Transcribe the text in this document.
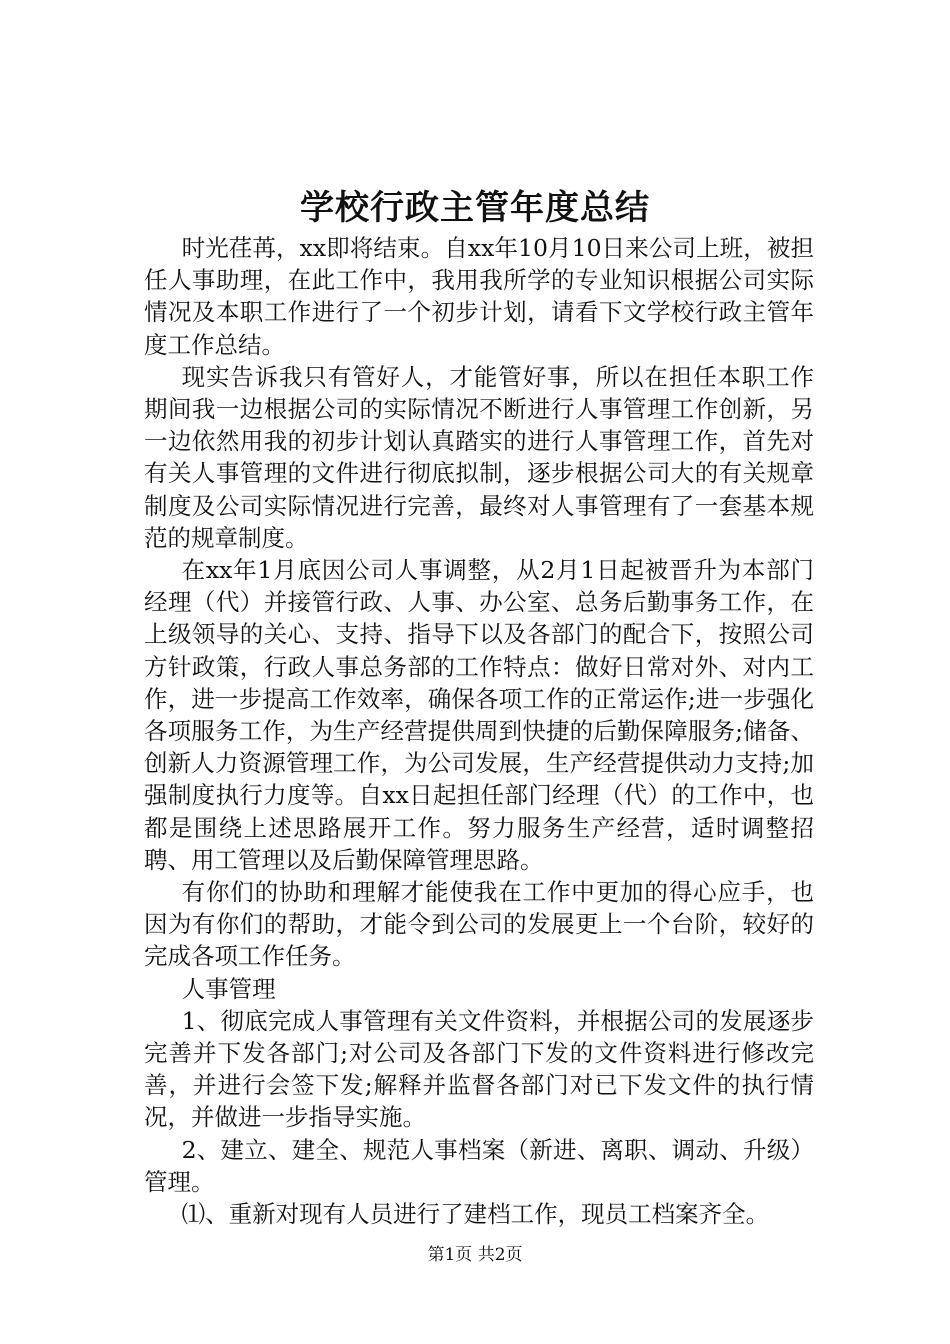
学校行政主管年度总结

时光荏苒，xx即将结束。自xx年10月10日来公司上班，被担任人事助理，在此工作中，我用我所学的专业知识根据公司实际情况及本职工作进行了一个初步计划，请看下文学校行政主管年度工作总结。

现实告诉我只有管好人，才能管好事，所以在担任本职工作期间我一边根据公司的实际情况不断进行人事管理工作创新，另一边依然用我的初步计划认真踏实的进行人事管理工作，首先对有关人事管理的文件进行彻底拟制，逐步根据公司大的有关规章制度及公司实际情况进行完善，最终对人事管理有了一套基本规范的规章制度。

在xx年1月底因公司人事调整，从2月1日起被晋升为本部门经理（代）并接管行政、人事、办公室、总务后勤事务工作，在上级领导的关心、支持、指导下以及各部门的配合下，按照公司方针政策，行政人事总务部的工作特点：做好日常对外、对内工作，进一步提高工作效率，确保各项工作的正常运作;进一步强化各项服务工作，为生产经营提供周到快捷的后勤保障服务;储备、创新人力资源管理工作，为公司发展，生产经营提供动力支持;加强制度执行力度等。自xx日起担任部门经理（代）的工作中，也都是围绕上述思路展开工作。努力服务生产经营，适时调整招聘、用工管理以及后勤保障管理思路。

有你们的协助和理解才能使我在工作中更加的得心应手，也因为有你们的帮助，才能令到公司的发展更上一个台阶，较好的完成各项工作任务。

人事管理

1、彻底完成人事管理有关文件资料，并根据公司的发展逐步完善并下发各部门;对公司及各部门下发的文件资料进行修改完善，并进行会签下发;解释并监督各部门对已下发文件的执行情况，并做进一步指导实施。

2、建立、建全、规范人事档案（新进、离职、调动、升级）管理。

⑴、重新对现有人员进行了建档工作，现员工档案齐全。

第1页 共2页
